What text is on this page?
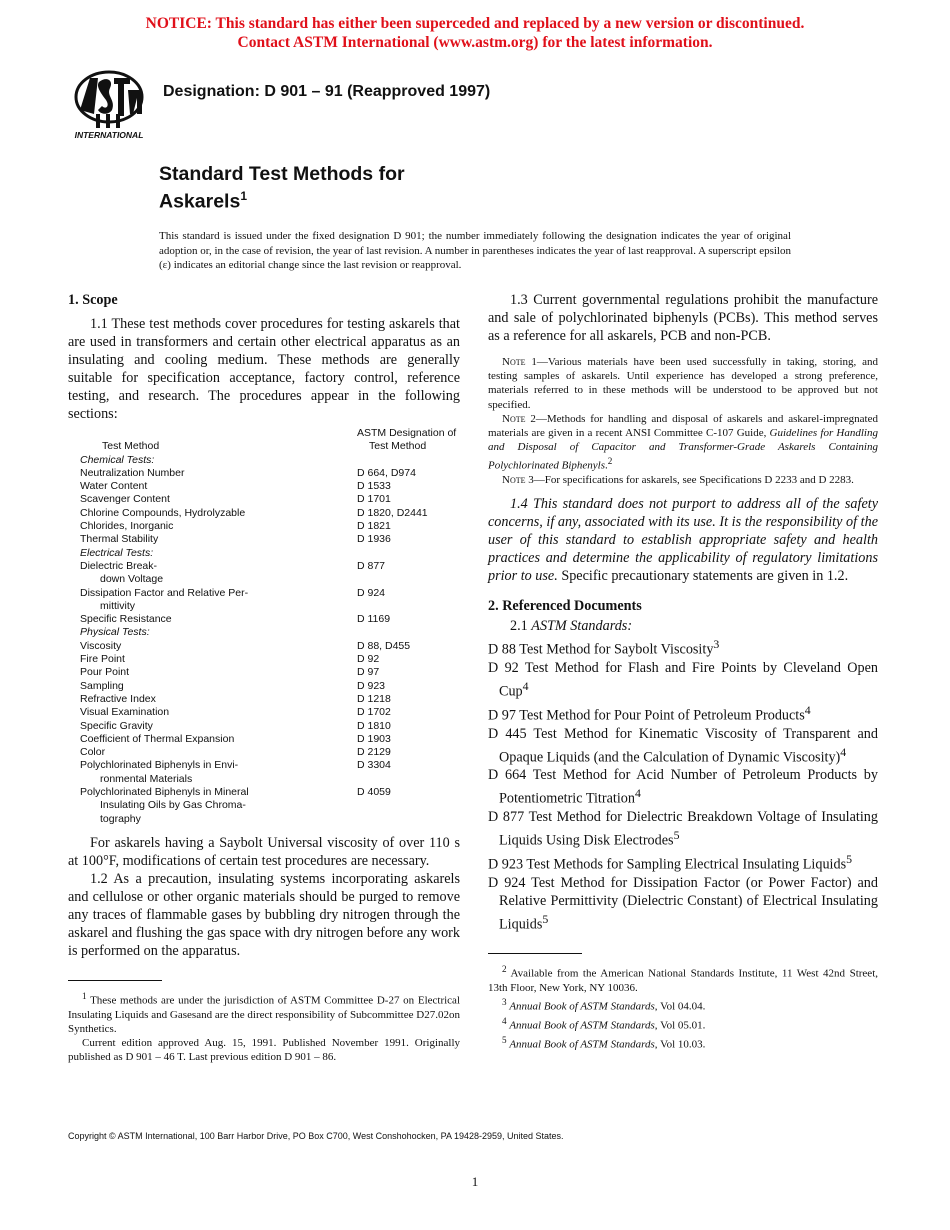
NOTICE: This standard has either been superceded and replaced by a new version or discontinued.
Contact ASTM International (www.astm.org) for the latest information.
INTERNATIONAL
Designation: D 901 – 91 (Reapproved 1997)
Standard Test Methods for
Askarels$^1$
This standard is issued under the fixed designation D 901; the number immediately following the designation indicates the year of original adoption or, in the case of revision, the year of last revision. A number in parentheses indicates the year of last reapproval. A superscript epsilon (ε) indicates an editorial change since the last revision or reapproval.

1. Scope

1.1 These test methods cover procedures for testing askarels that are used in transformers and certain other electrical apparatus as an insulating and cooling medium. These methods are generally suitable for specification acceptance, factory control, reference testing, and research. The procedures appear in the following sections:

	ASTM Designation of
Test Method	Test Method
Chemical Tests:	
Neutralization Number	D 664, D974
Water Content	D 1533
Scavenger Content	D 1701
Chlorine Compounds, Hydrolyzable	D 1820, D2441
Chlorides, Inorganic	D 1821
Thermal Stability	D 1936
Electrical Tests:	
Dielectric Break-
down Voltage	D 877
Dissipation Factor and Relative Per-
mittivity	D 924
Specific Resistance	D 1169
Physical Tests:	
Viscosity	D 88, D455
Fire Point	D 92
Pour Point	D 97
Sampling	D 923
Refractive Index	D 1218
Visual Examination	D 1702
Specific Gravity	D 1810
Coefficient of Thermal Expansion	D 1903
Color	D 2129
Polychlorinated Biphenyls in Envi-
ronmental Materials	D 3304
Polychlorinated Biphenyls in Mineral
Insulating Oils by Gas Chroma-
tography	D 4059

For askarels having a Saybolt Universal viscosity of over 110 s at 100°F, modifications of certain test procedures are necessary.

1.2 As a precaution, insulating systems incorporating askarels and cellulose or other organic materials should be purged to remove any traces of flammable gases by bubbling dry nitrogen through the askarel and flushing the gas space with dry nitrogen before any work is performed on the apparatus.

$^1$ These methods are under the jurisdiction of ASTM Committee D-27 on Electrical Insulating Liquids and Gasesand are the direct responsibility of Subcommittee D27.02on Synthetics.

Current edition approved Aug. 15, 1991. Published November 1991. Originally published as D 901 – 46 T. Last previous edition D 901 – 86.

1.3 Current governmental regulations prohibit the manufacture and sale of polychlorinated biphenyls (PCBs). This method serves as a reference for all askarels, PCB and non-PCB.

Note 1—Various materials have been used successfully in taking, storing, and testing samples of askarels. Until experience has developed a strong preference, materials referred to in these methods will be understood to be approved but not specified.

Note 2—Methods for handling and disposal of askarels and askarel-impregnated materials are given in a recent ANSI Committee C-107 Guide, Guidelines for Handling and Disposal of Capacitor and Transformer-Grade Askarels Containing Polychlorinated Biphenyls.$^2$

Note 3—For specifications for askarels, see Specifications D 2233 and D 2283.

1.4 This standard does not purport to address all of the safety concerns, if any, associated with its use. It is the responsibility of the user of this standard to establish appropriate safety and health practices and determine the applicability of regulatory limitations prior to use. Specific precautionary statements are given in 1.2.

2. Referenced Documents

2.1 ASTM Standards:

D 88 Test Method for Saybolt Viscosity$^3$

D 92 Test Method for Flash and Fire Points by Cleveland Open Cup$^4$

D 97 Test Method for Pour Point of Petroleum Products$^4$

D 445 Test Method for Kinematic Viscosity of Transparent and Opaque Liquids (and the Calculation of Dynamic Viscosity)$^4$

D 664 Test Method for Acid Number of Petroleum Products by Potentiometric Titration$^4$

D 877 Test Method for Dielectric Breakdown Voltage of Insulating Liquids Using Disk Electrodes$^5$

D 923 Test Methods for Sampling Electrical Insulating Liquids$^5$

D 924 Test Method for Dissipation Factor (or Power Factor) and Relative Permittivity (Dielectric Constant) of Electrical Insulating Liquids$^5$

$^2$ Available from the American National Standards Institute, 11 West 42nd Street, 13th Floor, New York, NY 10036.

$^3$ Annual Book of ASTM Standards, Vol 04.04.

$^4$ Annual Book of ASTM Standards, Vol 05.01.

$^5$ Annual Book of ASTM Standards, Vol 10.03.

Copyright © ASTM International, 100 Barr Harbor Drive, PO Box C700, West Conshohocken, PA 19428-2959, United States.
1
